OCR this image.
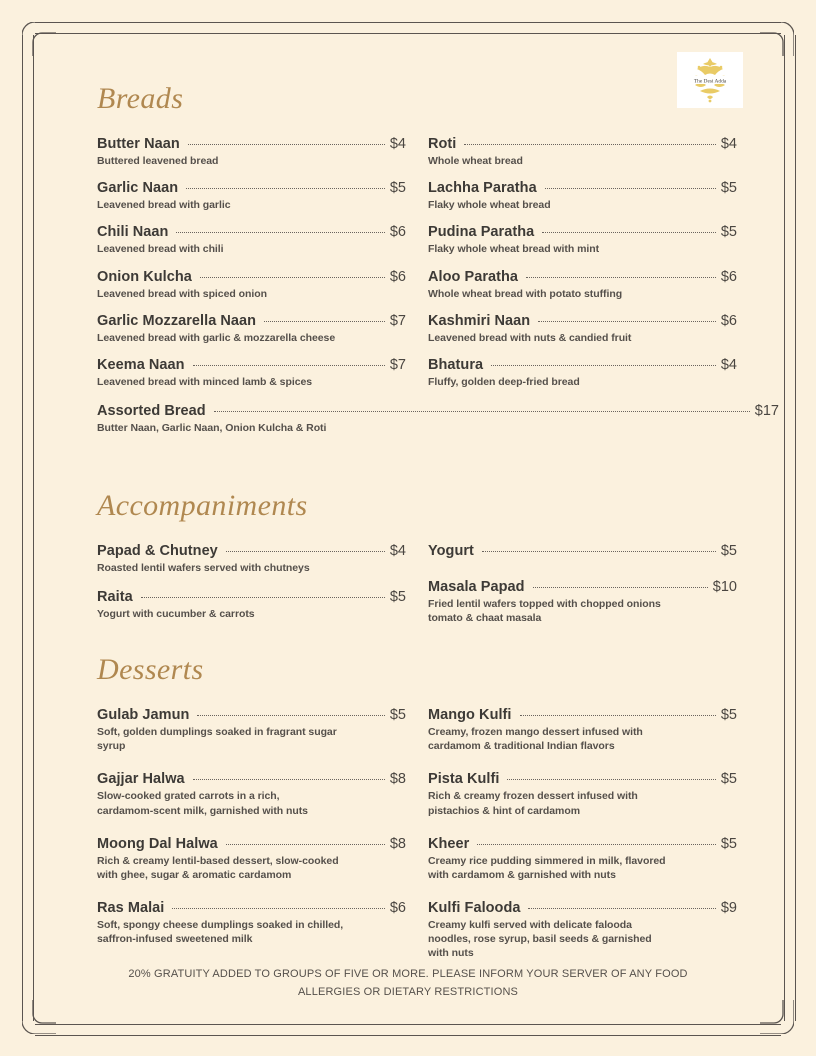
The Desi Adda
Breads
Butter Naan	$4
Buttered leavened bread
Garlic Naan	$5
Leavened bread with garlic
Chili Naan	$6
Leavened bread with chili
Onion Kulcha	$6
Leavened bread with spiced onion
Garlic Mozzarella Naan	$7
Leavened bread with garlic & mozzarella cheese
Keema Naan	$7
Leavened bread with minced lamb & spices
Roti	$4
Whole wheat bread
Lachha Paratha	$5
Flaky whole wheat bread
Pudina Paratha	$5
Flaky whole wheat bread with mint
Aloo Paratha	$6
Whole wheat bread with potato stuffing
Kashmiri Naan	$6
Leavened bread with nuts & candied fruit
Bhatura	$4
Fluffy, golden deep-fried bread
Assorted Bread	$17
Butter Naan, Garlic Naan, Onion Kulcha & Roti
Accompaniments
Papad & Chutney	$4
Roasted lentil wafers served with chutneys
Raita	$5
Yogurt with cucumber & carrots
Yogurt	$5
Masala Papad	$10
Fried lentil wafers topped with chopped onions
tomato & chaat masala
Desserts
Gulab Jamun	$5
Soft, golden dumplings soaked in fragrant sugar
syrup
Gajjar Halwa	$8
Slow-cooked grated carrots in a rich,
cardamom-scent milk, garnished with nuts
Moong Dal Halwa	$8
Rich & creamy lentil-based dessert, slow-cooked
with ghee, sugar & aromatic cardamom
Ras Malai	$6
Soft, spongy cheese dumplings soaked in chilled,
saffron-infused sweetened milk
Mango Kulfi	$5
Creamy, frozen mango dessert infused with
cardamom & traditional Indian flavors
Pista Kulfi	$5
Rich & creamy frozen dessert infused with
pistachios & hint of cardamom
Kheer	$5
Creamy rice pudding simmered in milk, flavored
with cardamom & garnished with nuts
Kulfi Falooda	$9
Creamy kulfi served with delicate falooda
noodles, rose syrup, basil seeds & garnished
with nuts
20% GRATUITY ADDED TO GROUPS OF FIVE OR MORE. PLEASE INFORM YOUR SERVER OF ANY FOOD ALLERGIES OR DIETARY RESTRICTIONS
